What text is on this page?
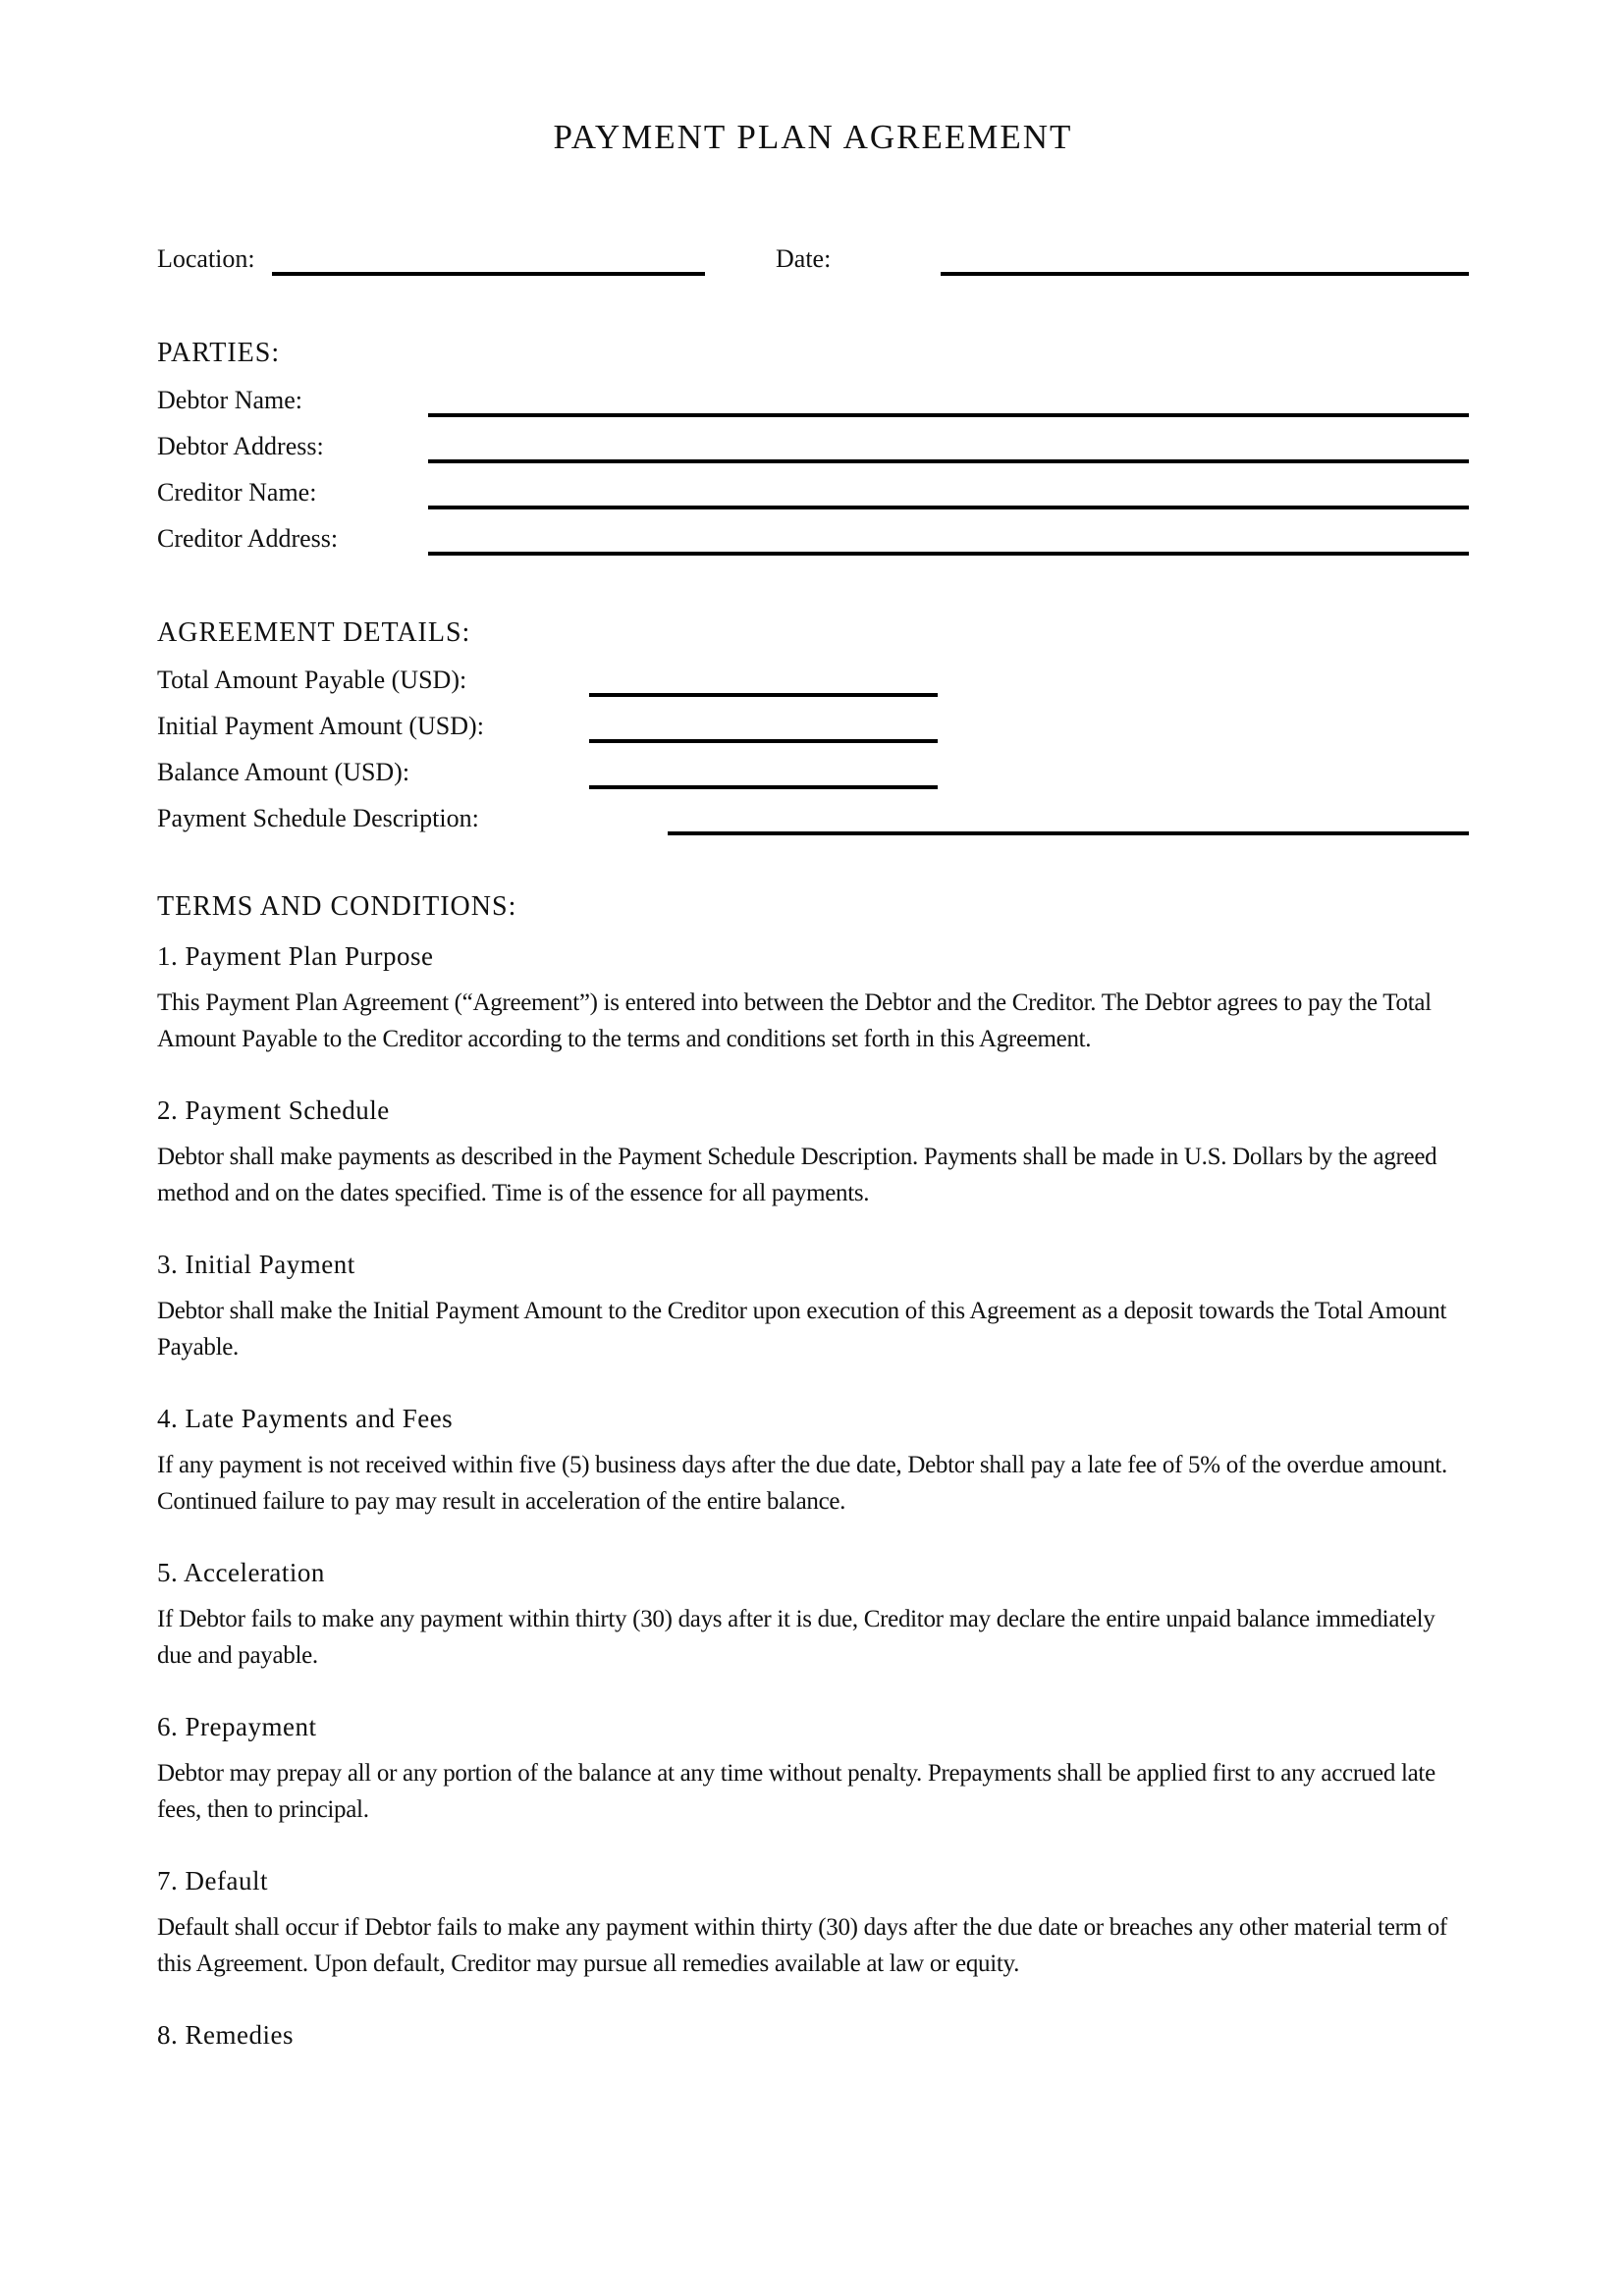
PAYMENT PLAN AGREEMENT
Location:	Date:
PARTIES:
Debtor Name:
Debtor Address:
Creditor Name:
Creditor Address:
AGREEMENT DETAILS:
Total Amount Payable (USD):
Initial Payment Amount (USD):
Balance Amount (USD):
Payment Schedule Description:
TERMS AND CONDITIONS:
1. Payment Plan Purpose
This Payment Plan Agreement (“Agreement”) is entered into between the Debtor and the Creditor. The Debtor agrees to pay the Total Amount Payable to the Creditor according to the terms and conditions set forth in this Agreement.
2. Payment Schedule
Debtor shall make payments as described in the Payment Schedule Description. Payments shall be made in U.S. Dollars by the agreed method and on the dates specified. Time is of the essence for all payments.
3. Initial Payment
Debtor shall make the Initial Payment Amount to the Creditor upon execution of this Agreement as a deposit towards the Total Amount Payable.
4. Late Payments and Fees
If any payment is not received within five (5) business days after the due date, Debtor shall pay a late fee of 5% of the overdue amount. Continued failure to pay may result in acceleration of the entire balance.
5. Acceleration
If Debtor fails to make any payment within thirty (30) days after it is due, Creditor may declare the entire unpaid balance immediately due and payable.
6. Prepayment
Debtor may prepay all or any portion of the balance at any time without penalty. Prepayments shall be applied first to any accrued late fees, then to principal.
7. Default
Default shall occur if Debtor fails to make any payment within thirty (30) days after the due date or breaches any other material term of this Agreement. Upon default, Creditor may pursue all remedies available at law or equity.
8. Remedies
